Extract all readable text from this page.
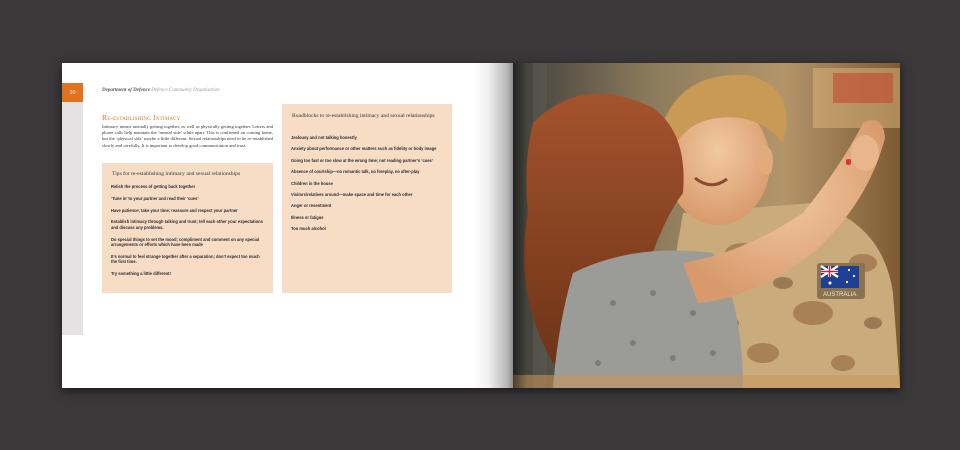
10	Department of Defence Defence Community Organisation
Re-establishing Intimacy

Intimacy means mentally getting together, as well as physically getting together. Letters and phone calls help maintain the ‘mental side’ while apart. This is confirmed on coming home, but the ‘physical side’ maybe a little different. Sexual relationships need to be re-established slowly and carefully. It is important to develop good communication and trust.

Tips for re-establishing intimacy and sexual relationships
Relish the process of getting back together
‘Tune in’ to your partner and read their ‘cues’
Have patience; take your time; reassure and respect your partner
Establish intimacy through talking and trust; tell each other your expectations and discuss any problems.
Do special things to set the mood; compliment and comment on any special arrangements or efforts which have been made
It’s normal to feel strange together after a separation; don’t expect too much the first time.
Try something a little different!
Roadblocks to re-establishing intimacy and sexual relationships
Jealousy and not talking honestly
Anxiety about performance or other matters such as fidelity or body image
Going too fast or too slow at the wrong time; not reading partner’s ‘cues’
Absence of courtship—no romantic talk, no foreplay, no after-play
Children in the house
Visitors/relatives around—make space and time for each other
Anger or resentment
Illness or fatigue
Too much alcohol
AUSTRALIA
